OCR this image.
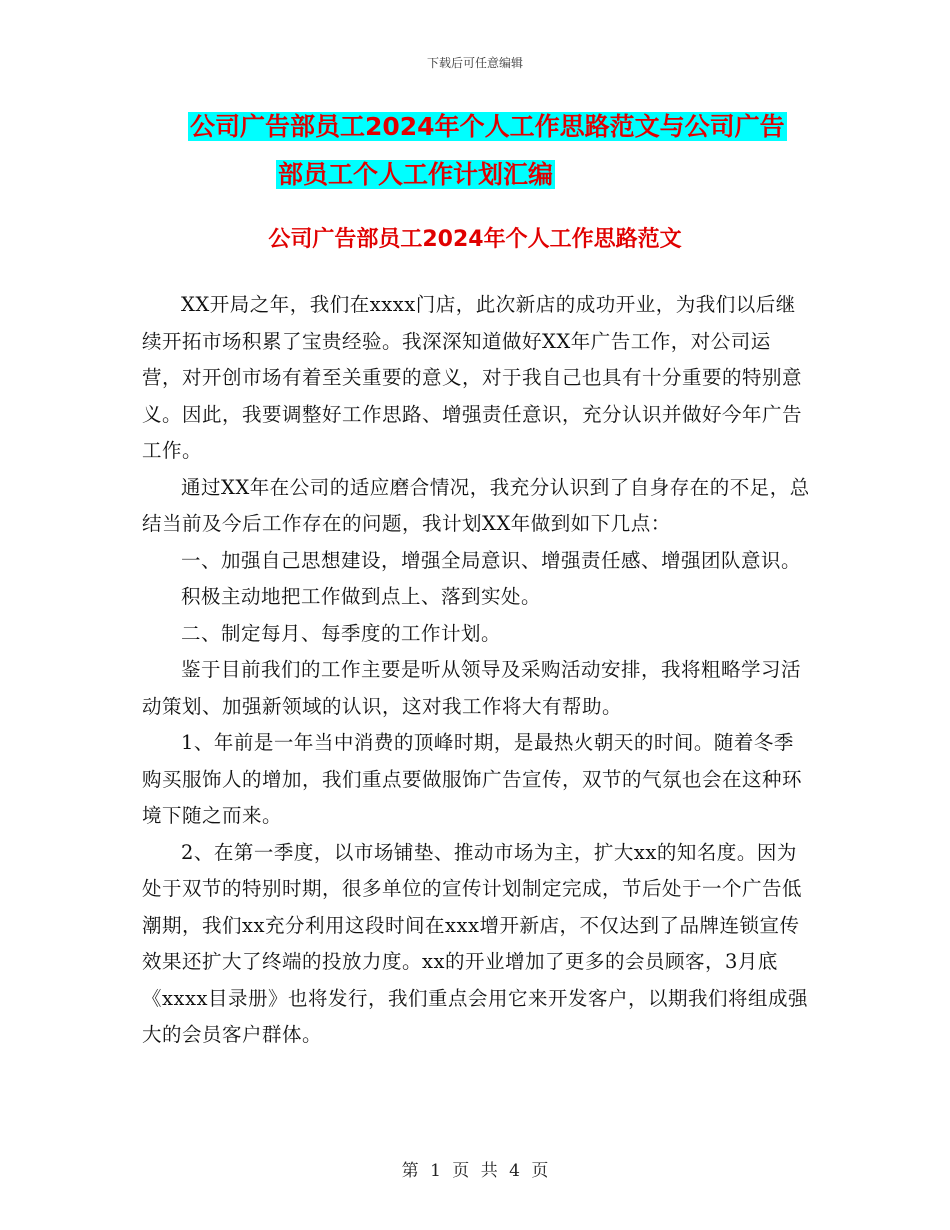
下载后可任意编辑
公司广告部员工2024年个人工作思路范文与公司广告
部员工个人工作计划汇编
公司广告部员工2024年个人工作思路范文

XX开局之年，我们在xxxx门店，此次新店的成功开业，为我们以后继续开拓市场积累了宝贵经验。我深深知道做好XX年广告工作，对公司运营，对开创市场有着至关重要的意义，对于我自己也具有十分重要的特别意义。因此，我要调整好工作思路、增强责任意识，充分认识并做好今年广告工作。

通过XX年在公司的适应磨合情况，我充分认识到了自身存在的不足，总结当前及今后工作存在的问题，我计划XX年做到如下几点：

一、加强自己思想建设，增强全局意识、增强责任感、增强团队意识。

积极主动地把工作做到点上、落到实处。

二、制定每月、每季度的工作计划。

鉴于目前我们的工作主要是听从领导及采购活动安排，我将粗略学习活动策划、加强新领域的认识，这对我工作将大有帮助。

1、年前是一年当中消费的顶峰时期，是最热火朝天的时间。随着冬季购买服饰人的增加，我们重点要做服饰广告宣传，双节的气氛也会在这种环境下随之而来。

2、在第一季度，以市场铺垫、推动市场为主，扩大xx的知名度。因为处于双节的特别时期，很多单位的宣传计划制定完成，节后处于一个广告低潮期，我们xx充分利用这段时间在xxx增开新店，不仅达到了品牌连锁宣传效果还扩大了终端的投放力度。xx的开业增加了更多的会员顾客，3月底《xxxx目录册》也将发行，我们重点会用它来开发客户，以期我们将组成强大的会员客户群体。

第 1 页 共 4 页
